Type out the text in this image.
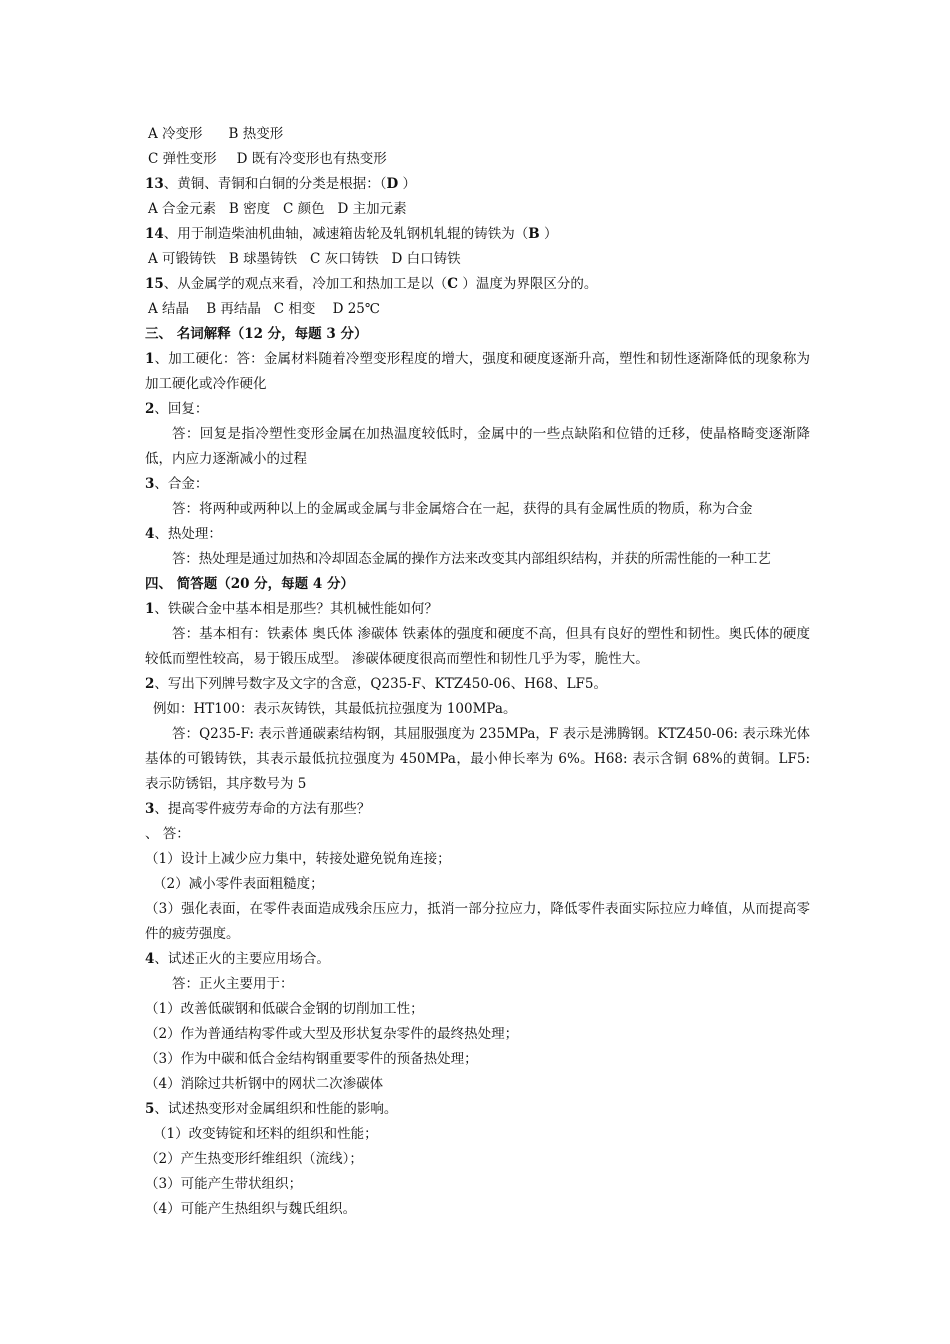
A 冷变形 B 热变形
C 弹性变形 D 既有冷变形也有热变形
13、黄铜、青铜和白铜的分类是根据：（D ）
A 合金元素   B 密度   C 颜色   D 主加元素
14、用于制造柴油机曲轴，减速箱齿轮及轧钢机轧辊的铸铁为（B ）
A 可锻铸铁   B 球墨铸铁   C 灰口铸铁   D 白口铸铁
15、从金属学的观点来看，冷加工和热加工是以（C ）温度为界限区分的。
A 结晶    B 再结晶   C 相变    D 25℃
三、 名词解释（12 分，每题 3 分）
1、加工硬化：答：金属材料随着冷塑变形程度的增大，强度和硬度逐渐升高，塑性和韧性逐渐降低的现象称为加工硬化或冷作硬化
2、回复：
答：回复是指冷塑性变形金属在加热温度较低时，金属中的一些点缺陷和位错的迁移，使晶格畸变逐渐降低，内应力逐渐减小的过程
3、合金：
答：将两种或两种以上的金属或金属与非金属熔合在一起，获得的具有金属性质的物质，称为合金
4、热处理：
答：热处理是通过加热和冷却固态金属的操作方法来改变其内部组织结构，并获的所需性能的一种工艺
四、 简答题（20 分，每题 4 分）
1、铁碳合金中基本相是那些？其机械性能如何？
答：基本相有：铁素体 奥氏体 渗碳体 铁素体的强度和硬度不高，但具有良好的塑性和韧性。奥氏体的硬度较低而塑性较高，易于锻压成型。 渗碳体硬度很高而塑性和韧性几乎为零，脆性大。
2、写出下列牌号数字及文字的含意，Q235-F、KTZ450-06、H68、LF5。
例如：HT100：表示灰铸铁，其最低抗拉强度为 100MPa。
答：Q235-F: 表示普通碳素结构钢，其屈服强度为 235MPa，F 表示是沸腾钢。KTZ450-06: 表示珠光体基体的可锻铸铁，其表示最低抗拉强度为 450MPa，最小伸长率为 6%。H68: 表示含铜 68%的黄铜。LF5: 表示防锈铝，其序数号为 5
3、提高零件疲劳寿命的方法有那些？
、 答：
（1）设计上减少应力集中，转接处避免锐角连接；
（2）减小零件表面粗糙度；
（3）强化表面，在零件表面造成残余压应力，抵消一部分拉应力，降低零件表面实际拉应力峰值，从而提高零件的疲劳强度。
4、试述正火的主要应用场合。
答：正火主要用于：
（1）改善低碳钢和低碳合金钢的切削加工性；
（2）作为普通结构零件或大型及形状复杂零件的最终热处理；
（3）作为中碳和低合金结构钢重要零件的预备热处理；
（4）消除过共析钢中的网状二次渗碳体
5、试述热变形对金属组织和性能的影响。
（1）改变铸锭和坯料的组织和性能；
（2）产生热变形纤维组织（流线）；
（3）可能产生带状组织；
（4）可能产生热组织与魏氏组织。
